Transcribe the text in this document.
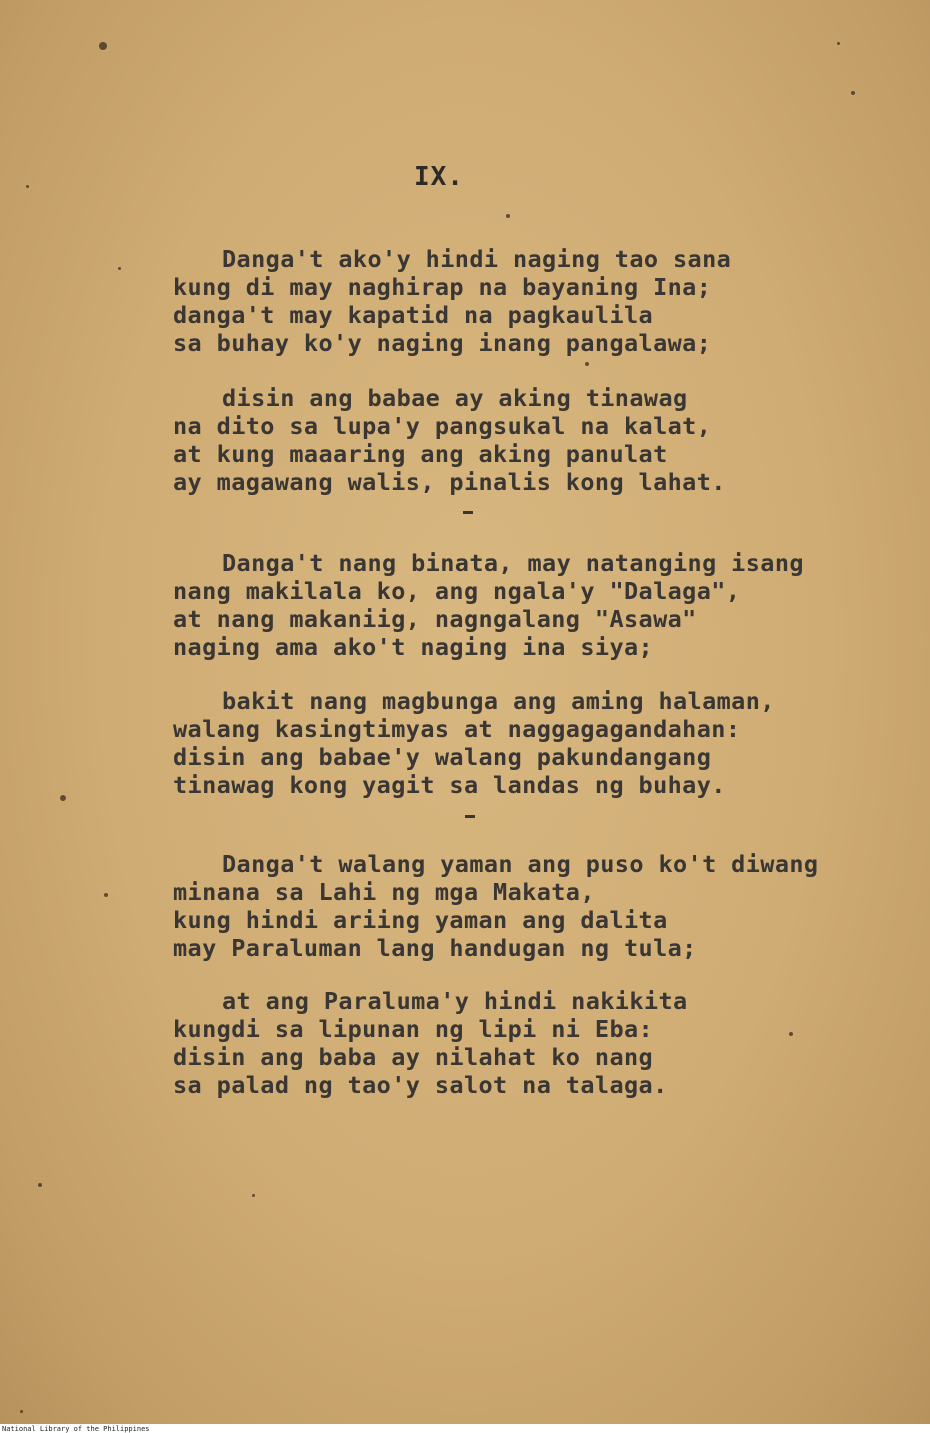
IX.
Danga't ako'y hindi naging tao sana
kung di may naghirap na bayaning Ina;
danga't may kapatid na pagkaulila
sa buhay ko'y naging inang pangalawa;
disin ang babae ay aking tinawag
na dito sa lupa'y pangsukal na kalat,
at kung maaaring ang aking panulat
ay magawang walis, pinalis kong lahat.
Danga't nang binata, may natanging isang
nang makilala ko, ang ngala'y "Dalaga",
at nang makaniig, nagngalang "Asawa"
naging ama ako't naging ina siya;
bakit nang magbunga ang aming halaman,
walang kasingtimyas at naggagagandahan:
disin ang babae'y walang pakundangang
tinawag kong yagit sa landas ng buhay.
Danga't walang yaman ang puso ko't diwang
minana sa Lahi ng mga Makata,
kung hindi ariing yaman ang dalita
may Paraluman lang handugan ng tula;
at ang Paraluma'y hindi nakikita
kungdi sa lipunan ng lipi ni Eba:
disin ang baba ay nilahat ko nang
sa palad ng tao'y salot na talaga.
National Library of the Philippines
